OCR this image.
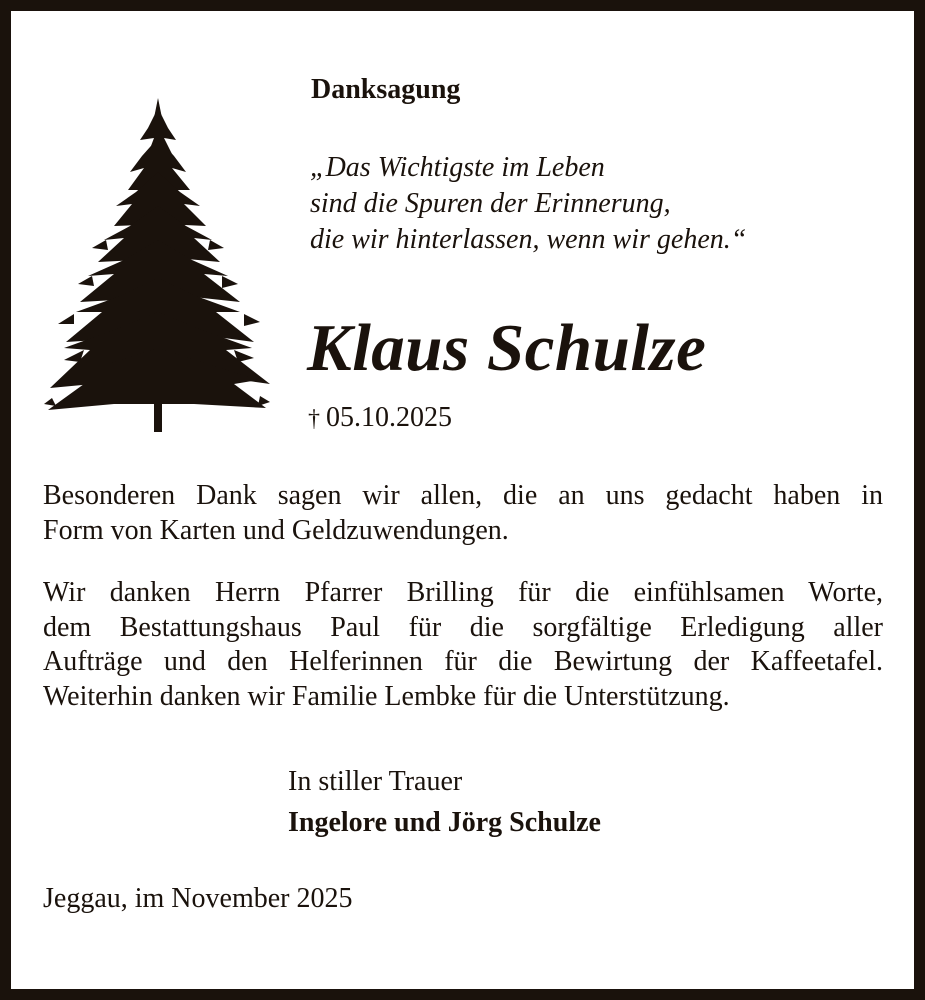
Danksagung
„Das Wichtigste im Leben
sind die Spuren der Erinnerung,
die wir hinterlassen, wenn wir gehen.“
Klaus Schulze
† 05.10.2025
Besonderen Dank sagen wir allen, die an uns gedacht haben in
Form von Karten und Geldzuwendungen.
Wir danken Herrn Pfarrer Brilling für die einfühlsamen Worte,
dem Bestattungshaus Paul für die sorgfältige Erledigung aller
Aufträge und den Helferinnen für die Bewirtung der Kaffeetafel.
Weiterhin danken wir Familie Lembke für die Unterstützung.
In stiller Trauer
Ingelore und Jörg Schulze
Jeggau, im November 2025
